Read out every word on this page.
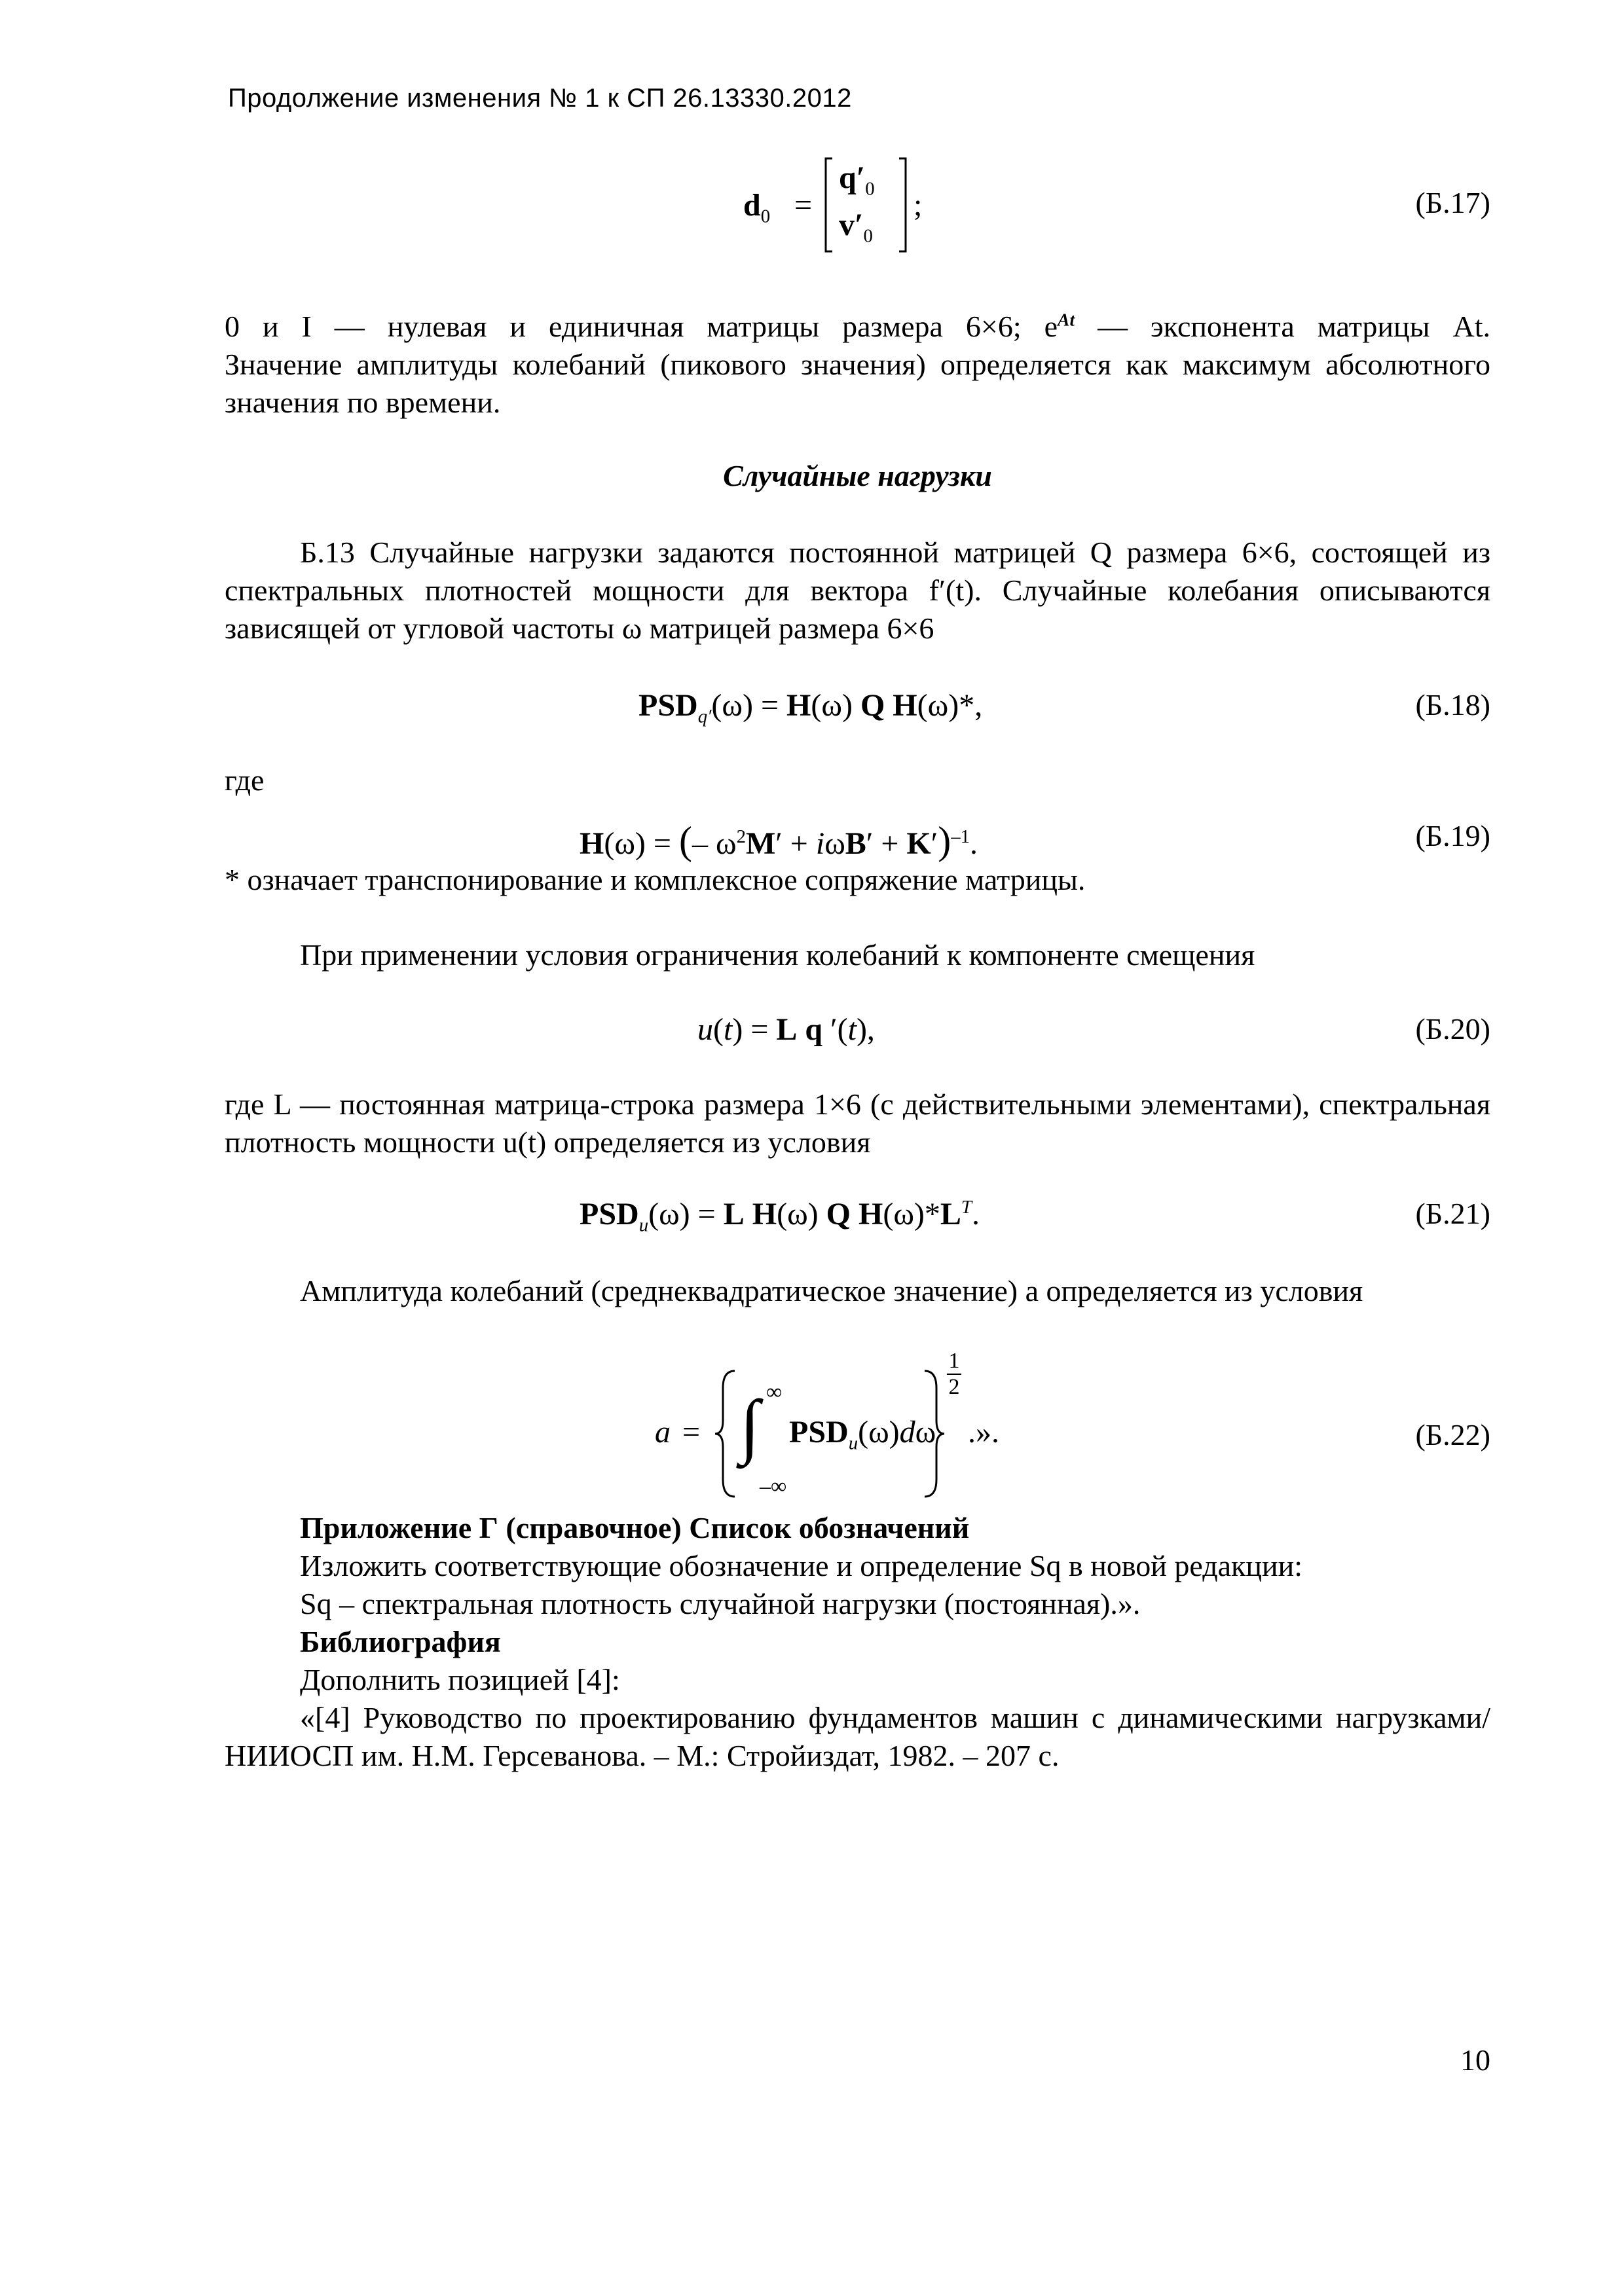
Продолжение изменения № 1 к СП 26.13330.2012
$d_0$ =
$q'_0$
$v'_0$
;	(Б.17)
0 и I — нулевая и единичная матрицы размера 6×6; $e^{At}$ — экспонента матрицы At.
Значение амплитуды колебаний (пикового значения) определяется как максимум абсолютного значения по времени.
Случайные нагрузки
Б.13 Случайные нагрузки задаются постоянной матрицей Q размера 6×6, состоящей из спектральных плотностей мощности для вектора f′(t). Случайные колебания описываются зависящей от угловой частоты ω матрицей размера 6×6
$PSD_{q'}(\omega) = H(\omega)$ Q H(ω)*,	(Б.18)
где
H(ω) = (– $\omega^2M' + i\omega B' + K')^{-1}$.	(Б.19)
* означает транспонирование и комплексное сопряжение матрицы.
При применении условия ограничения колебаний к компоненте смещения
u(t) = L q ′(t),	(Б.20)
где L — постоянная матрица-строка размера 1×6 (с действительными элементами), спектральная плотность мощности u(t) определяется из условия
$PSD_u(\omega) = L$ H(ω) Q $H(\omega)*L^T$.	(Б.21)
Амплитуда колебаний (среднеквадратическое значение) a определяется из условия
a =
∞
∫
–∞
$PSD_u(\omega)d\omega$
1

2
.».	(Б.22)
Приложение Г (справочное) Список обозначений
Изложить соответствующие обозначение и определение Sq в новой редакции:
Sq – спектральная плотность случайной нагрузки (постоянная).».
Библиография
Дополнить позицией [4]:
«[4] Руководство по проектированию фундаментов машин с динамическими нагрузками/НИИОСП им. Н.М. Герсеванова. – М.: Стройиздат, 1982. – 207 с.
10
